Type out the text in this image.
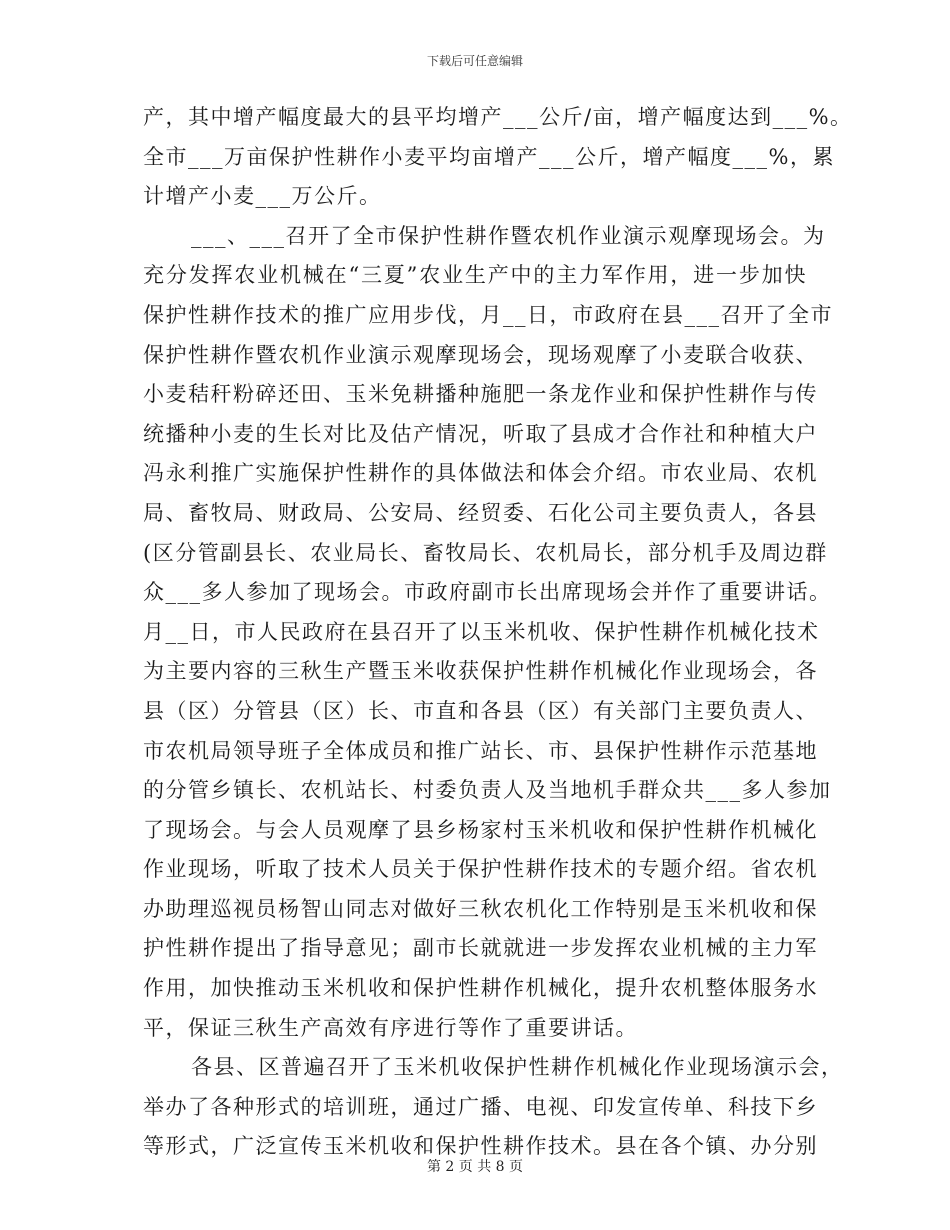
下载后可任意编辑
产，其中增产幅度最大的县平均增产___公斤/亩，增产幅度达到___%。
全市___万亩保护性耕作小麦平均亩增产___公斤，增产幅度___%，累
计增产小麦___万公斤。
___、___召开了全市保护性耕作暨农机作业演示观摩现场会。为
充分发挥农业机械在“三夏”农业生产中的主力军作用，进一步加快
保护性耕作技术的推广应用步伐，月__日，市政府在县___召开了全市
保护性耕作暨农机作业演示观摩现场会，现场观摩了小麦联合收获、
小麦秸秆粉碎还田、玉米免耕播种施肥一条龙作业和保护性耕作与传
统播种小麦的生长对比及估产情况，听取了县成才合作社和种植大户
冯永利推广实施保护性耕作的具体做法和体会介绍。市农业局、农机
局、畜牧局、财政局、公安局、经贸委、石化公司主要负责人，各县
(区分管副县长、农业局长、畜牧局长、农机局长，部分机手及周边群
众___多人参加了现场会。市政府副市长出席现场会并作了重要讲话。
月__日，市人民政府在县召开了以玉米机收、保护性耕作机械化技术
为主要内容的三秋生产暨玉米收获保护性耕作机械化作业现场会，各
县（区）分管县（区）长、市直和各县（区）有关部门主要负责人、
市农机局领导班子全体成员和推广站长、市、县保护性耕作示范基地
的分管乡镇长、农机站长、村委负责人及当地机手群众共___多人参加
了现场会。与会人员观摩了县乡杨家村玉米机收和保护性耕作机械化
作业现场，听取了技术人员关于保护性耕作技术的专题介绍。省农机
办助理巡视员杨智山同志对做好三秋农机化工作特别是玉米机收和保
护性耕作提出了指导意见；副市长就就进一步发挥农业机械的主力军
作用，加快推动玉米机收和保护性耕作机械化，提升农机整体服务水
平，保证三秋生产高效有序进行等作了重要讲话。
各县、区普遍召开了玉米机收保护性耕作机械化作业现场演示会，
举办了各种形式的培训班，通过广播、电视、印发宣传单、科技下乡
等形式，广泛宣传玉米机收和保护性耕作技术。县在各个镇、办分别
第 2 页 共 8 页
